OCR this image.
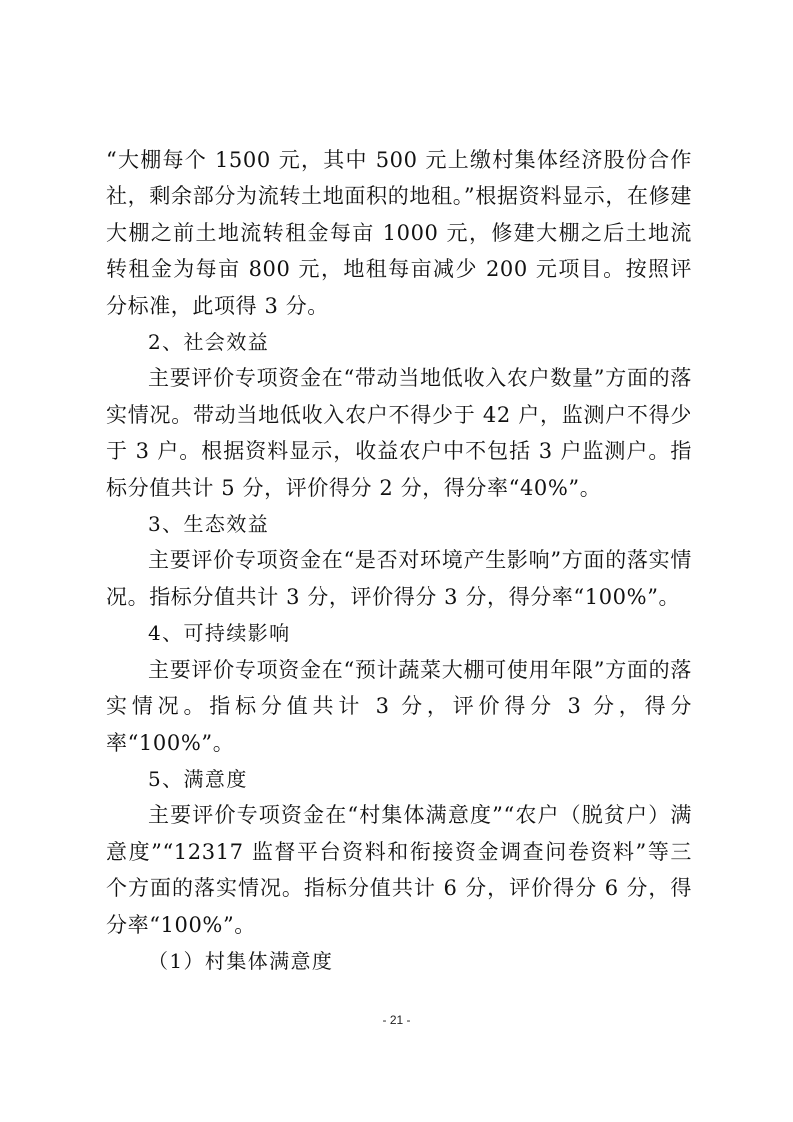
“大棚每个 1500 元，其中 500 元上缴村集体经济股份合作社，剩余部分为流转土地面积的地租。”根据资料显示，在修建大棚之前土地流转租金每亩 1000 元，修建大棚之后土地流转租金为每亩 800 元，地租每亩减少 200 元项目。按照评分标准，此项得 3 分。

2、社会效益

主要评价专项资金在“带动当地低收入农户数量”方面的落实情况。带动当地低收入农户不得少于 42 户，监测户不得少于 3 户。根据资料显示，收益农户中不包括 3 户监测户。指标分值共计 5 分，评价得分 2 分，得分率“40%”。

3、生态效益

主要评价专项资金在“是否对环境产生影响”方面的落实情况。指标分值共计 3 分，评价得分 3 分，得分率“100%”。

4、可持续影响

主要评价专项资金在“预计蔬菜大棚可使用年限”方面的落实情况。指标分值共计 3 分，评价得分 3 分，得分率“100%”。

5、满意度

主要评价专项资金在“村集体满意度”“农户（脱贫户）满意度”“12317 监督平台资料和衔接资金调查问卷资料”等三个方面的落实情况。指标分值共计 6 分，评价得分 6 分，得分率“100%”。

（1）村集体满意度

- 21 -
